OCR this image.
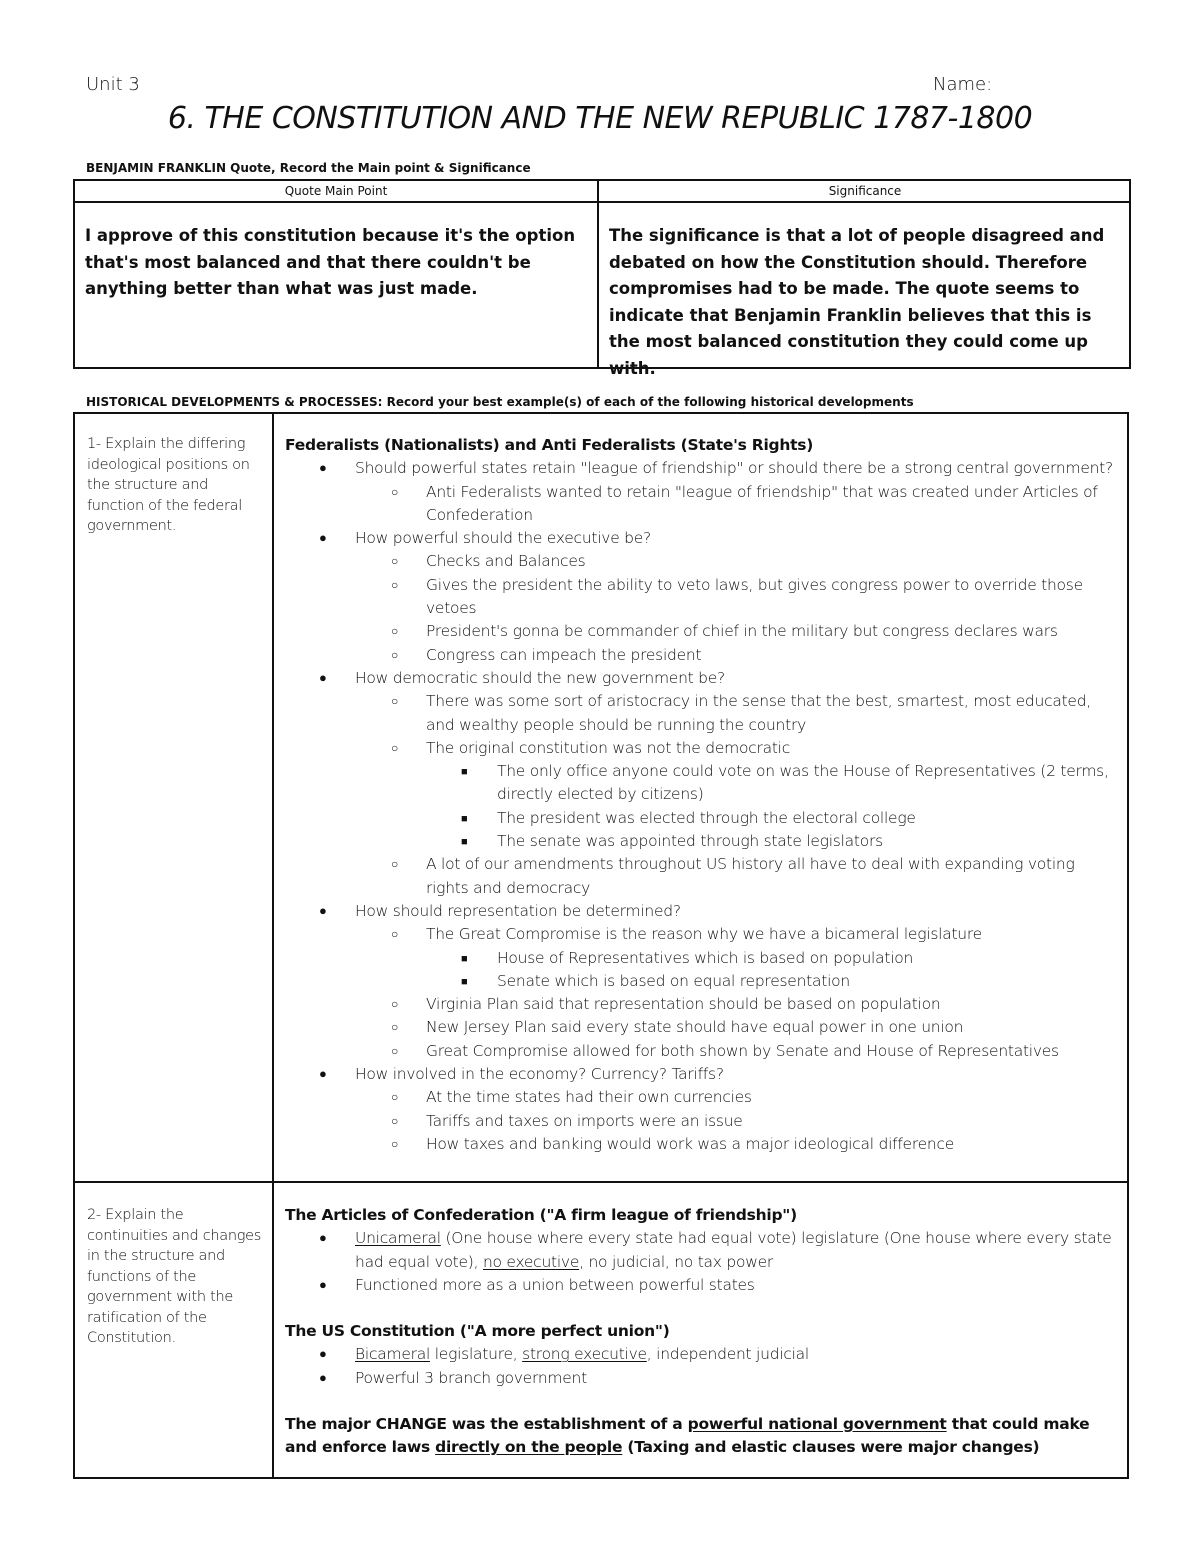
Unit 3	Name:
6. THE CONSTITUTION AND THE NEW REPUBLIC 1787-1800
BENJAMIN FRANKLIN Quote, Record the Main point & Significance
Quote Main Point	Significance
I approve of this constitution because it's the option that's most balanced and that there couldn't be anything better than what was just made.
The significance is that a lot of people disagreed and debated on how the Constitution should. Therefore compromises had to be made. The quote seems to indicate that Benjamin Franklin believes that this is the most balanced constitution they could come up with.
HISTORICAL DEVELOPMENTS & PROCESSES: Record your best example(s) of each of the following historical developments
1- Explain the differing ideological positions on the structure and function of the federal government.
Federalists (Nationalists) and Anti Federalists (State's Rights)
● Should powerful states retain "league of friendship" or should there be a strong central government?
○ Anti Federalists wanted to retain "league of friendship" that was created under Articles of Confederation
● How powerful should the executive be?
○ Checks and Balances
○ Gives the president the ability to veto laws, but gives congress power to override those vetoes
○ President's gonna be commander of chief in the military but congress declares wars
○ Congress can impeach the president
● How democratic should the new government be?
○ There was some sort of aristocracy in the sense that the best, smartest, most educated, and wealthy people should be running the country
○ The original constitution was not the democratic
■ The only office anyone could vote on was the House of Representatives (2 terms, directly elected by citizens)
■ The president was elected through the electoral college
■ The senate was appointed through state legislators
○ A lot of our amendments throughout US history all have to deal with expanding voting rights and democracy
● How should representation be determined?
○ The Great Compromise is the reason why we have a bicameral legislature
■ House of Representatives which is based on population
■ Senate which is based on equal representation
○ Virginia Plan said that representation should be based on population
○ New Jersey Plan said every state should have equal power in one union
○ Great Compromise allowed for both shown by Senate and House of Representatives
● How involved in the economy? Currency? Tariffs?
○ At the time states had their own currencies
○ Tariffs and taxes on imports were an issue
○ How taxes and banking would work was a major ideological difference
2- Explain the continuities and changes in the structure and functions of the government with the ratification of the Constitution.
The Articles of Confederation ("A firm league of friendship")
● Unicameral (One house where every state had equal vote) legislature (One house where every state had equal vote), no executive, no judicial, no tax power
● Functioned more as a union between powerful states
The US Constitution ("A more perfect union")
● Bicameral legislature, strong executive, independent judicial
● Powerful 3 branch government
The major CHANGE was the establishment of a powerful national government that could make and enforce laws directly on the people (Taxing and elastic clauses were major changes)
